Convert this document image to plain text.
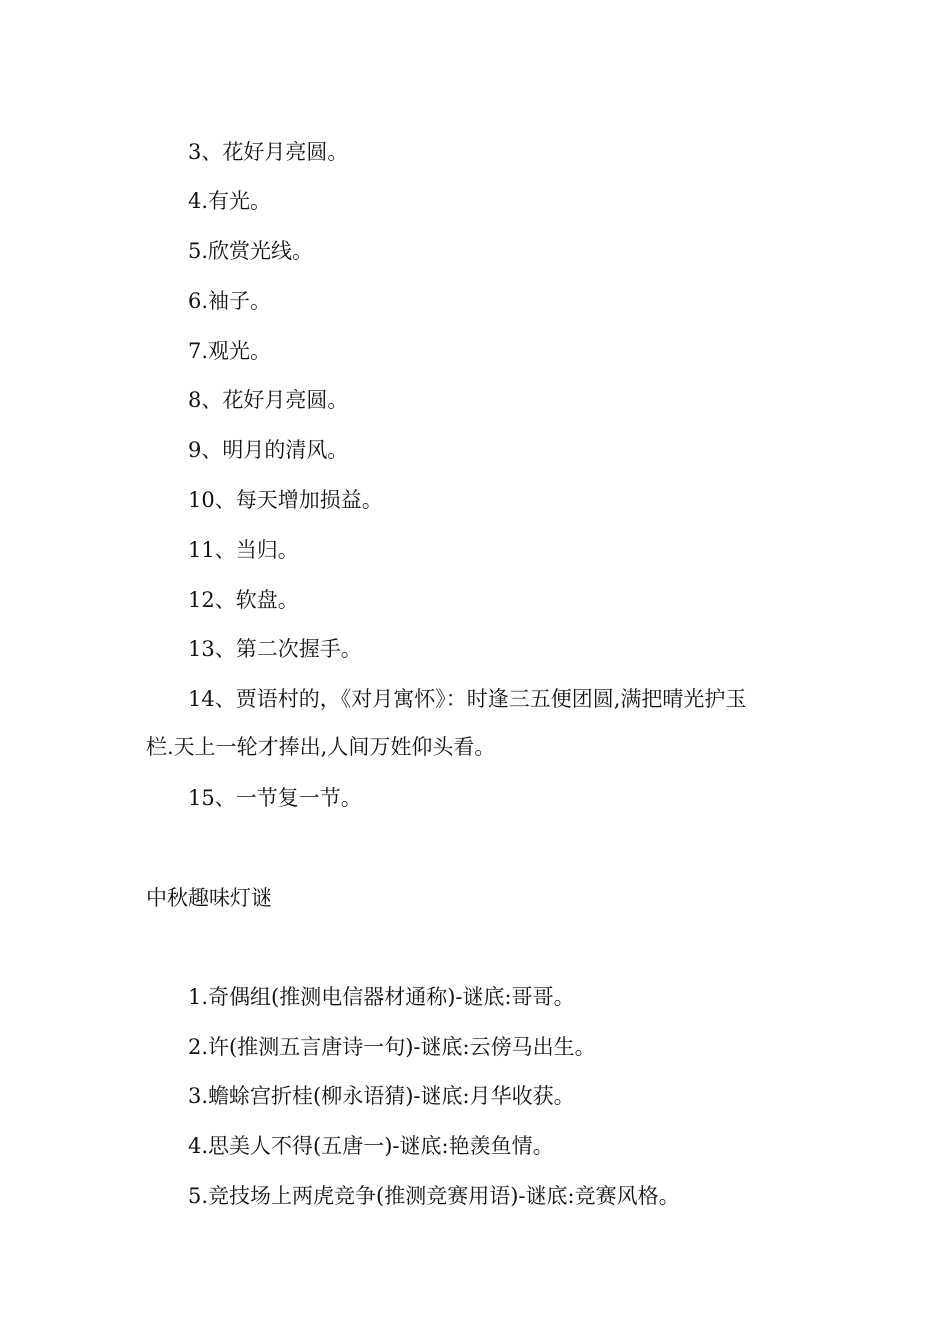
3、花好月亮圆。
4.有光。
5.欣赏光线。
6.袖子。
7.观光。
8、花好月亮圆。
9、明月的清风。
10、每天增加损益。
11、当归。
12、软盘。
13、第二次握手。
14、贾语村的，《对月寓怀》：时逢三五便团圆,满把晴光护玉
栏.天上一轮才捧出,人间万姓仰头看。
15、一节复一节。
中秋趣味灯谜
1.奇偶组(推测电信器材通称)-谜底:哥哥。
2.许(推测五言唐诗一句)-谜底:云傍马出生。
3.蟾蜍宫折桂(柳永语猜)-谜底:月华收获。
4.思美人不得(五唐一)-谜底:艳羡鱼情。
5.竞技场上两虎竞争(推测竞赛用语)-谜底:竞赛风格。
